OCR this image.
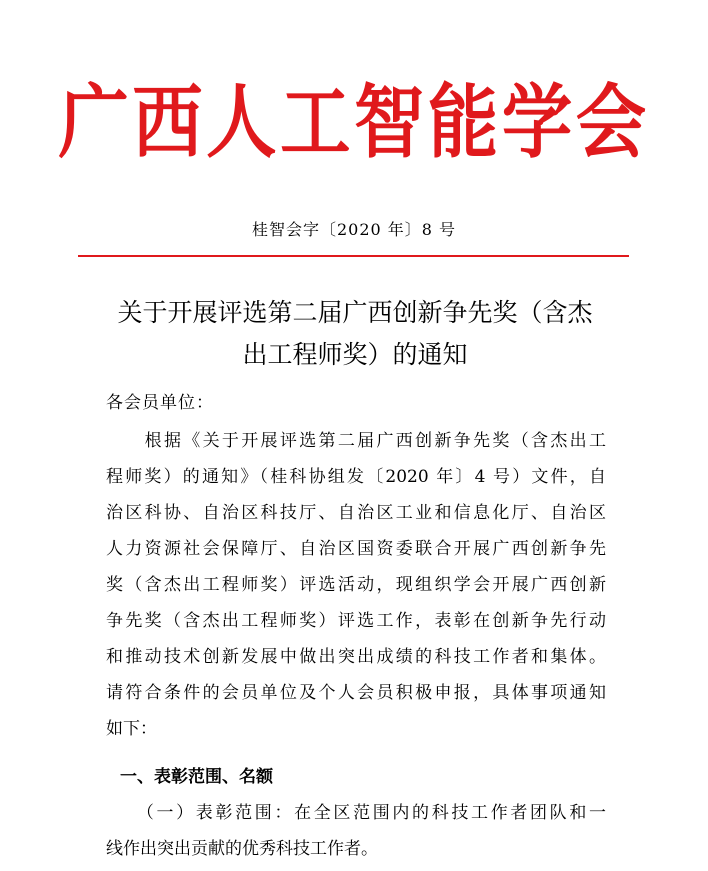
广西人工智能学会
桂智会字〔2020 年〕8 号
关于开展评选第二届广西创新争先奖（含杰
出工程师奖）的通知
各会员单位：
　　根据《关于开展评选第二届广西创新争先奖（含杰出工
程师奖）的通知》（桂科协组发〔2020 年〕4 号）文件，自
治区科协、自治区科技厅、自治区工业和信息化厅、自治区
人力资源社会保障厅、自治区国资委联合开展广西创新争先
奖（含杰出工程师奖）评选活动，现组织学会开展广西创新
争先奖（含杰出工程师奖）评选工作，表彰在创新争先行动
和推动技术创新发展中做出突出成绩的科技工作者和集体。
请符合条件的会员单位及个人会员积极申报，具体事项通知
如下：
一、表彰范围、名额
　　（一）表彰范围：在全区范围内的科技工作者团队和一
线作出突出贡献的优秀科技工作者。
